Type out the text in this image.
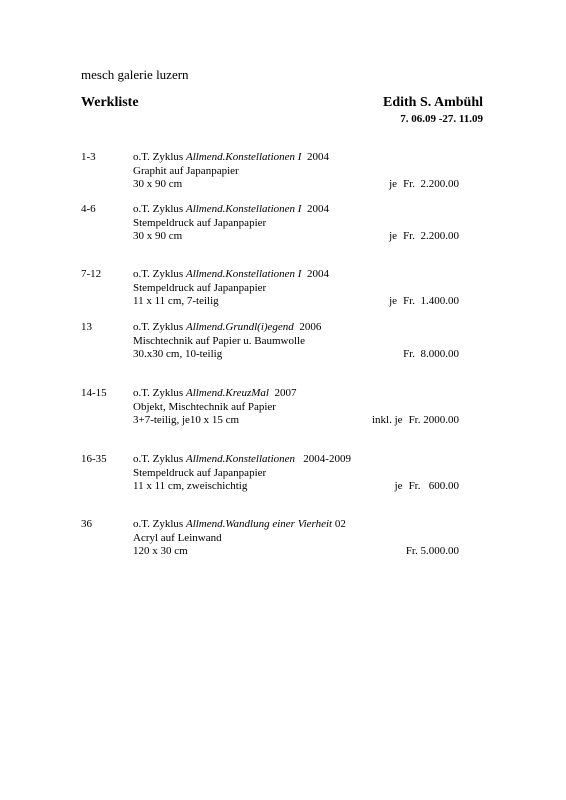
mesch galerie luzern
Werkliste	Edith S. Ambühl
7. 06.09 -27. 11.09
1-3	o.T. Zyklus Allmend.Konstellationen I 2004
Graphit auf Japanpapier
30 x 90 cm	je Fr.  2.200.00
4-6	o.T. Zyklus Allmend.Konstellationen I 2004
Stempeldruck auf Japanpapier
30 x 90 cm	je Fr.  2.200.00
7-12	o.T. Zyklus Allmend.Konstellationen I 2004
Stempeldruck auf Japanpapier
11 x 11 cm, 7-teilig	je Fr.  1.400.00
13	o.T. Zyklus Allmend.Grundl(i)egend 2006
Mischtechnik auf Papier u. Baumwolle
30.x30 cm, 10-teilig	Fr.  8.000.00
14-15 o.T. Zyklus Allmend.KreuzMal 2007
Objekt, Mischtechnik auf Papier
3+7-teilig, je10 x 15 cm	inkl. je Fr. 2000.00
16-35 o.T. Zyklus Allmend.Konstellationen 2004-2009
Stempeldruck auf Japanpapier
11 x 11 cm, zweischichtig	je Fr.   600.00
36	o.T. Zyklus Allmend.Wandlung einer Vierheit 02
Acryl auf Leinwand
120 x 30 cm	Fr. 5.000.00
